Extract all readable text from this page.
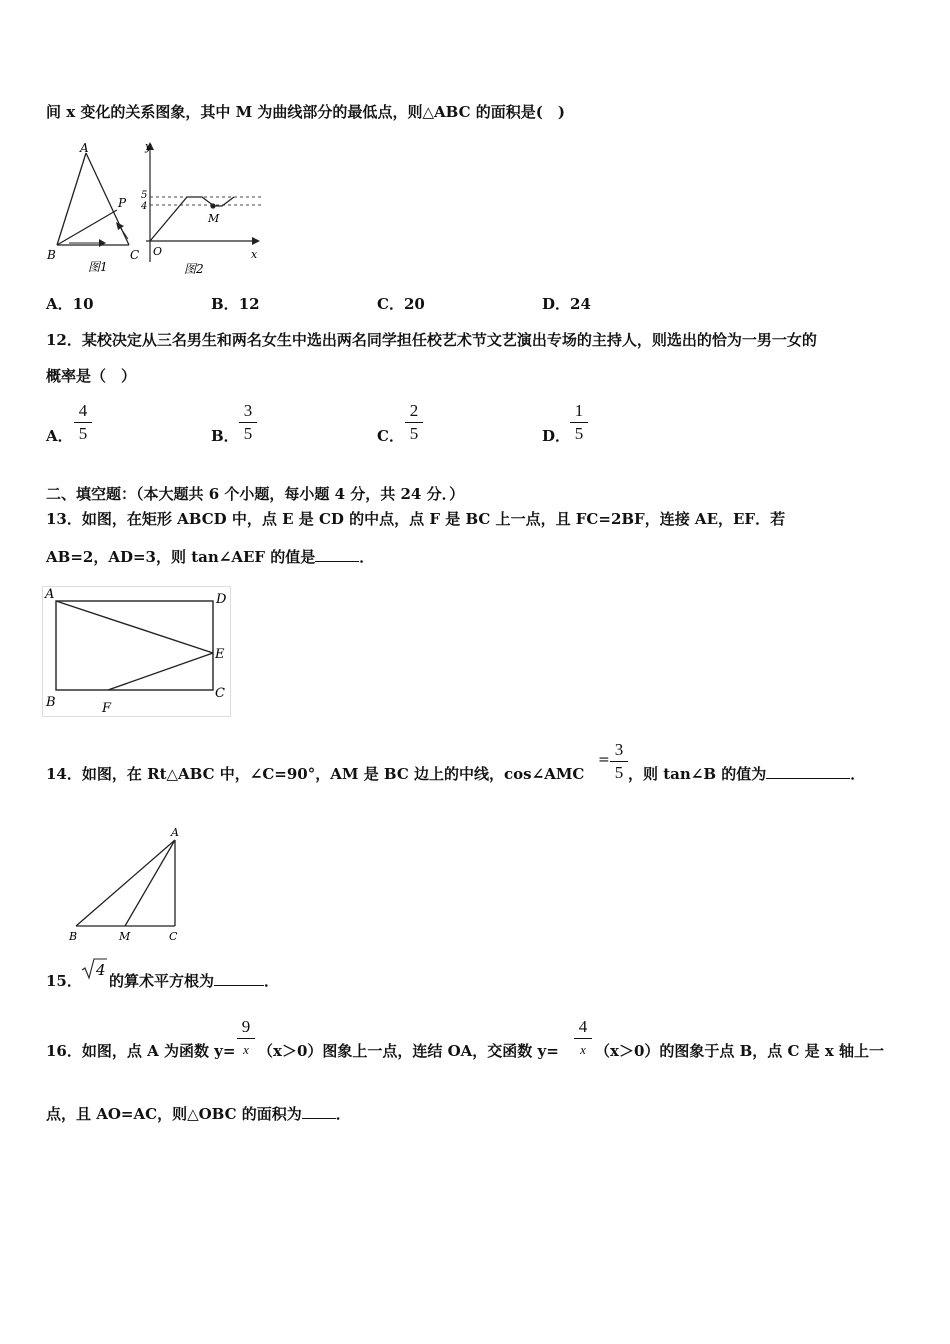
间 x 变化的关系图象，其中 M 为曲线部分的最低点，则△ABC 的面积是(　)
A
B	C
P
图1
y
x
O
M
5
4
图2
A．10	B．12	C．20	D．24
12．某校决定从三名男生和两名女生中选出两名同学担任校艺术节文艺演出专场的主持人，则选出的恰为一男一女的
概率是（　）
A．
4
5	B．
3
5	C．
2
5	D．
1
5
二、填空题：（本大题共 6 个小题，每小题 4 分，共 24 分．）
13．如图，在矩形 ABCD 中，点 E 是 CD 的中点，点 F 是 BC 上一点，且 FC=2BF，连接 AE，EF．若
AB=2，AD=3，则 tan∠AEF 的值是	．
A	D
E
B
C
F
14．如图，在 Rt△ABC 中，∠C=90°，AM 是 BC 边上的中线，cos∠AMC
=
3
5 ，则 tan∠B 的值为	．
A
B	M	C
15．
4
的算术平方根为	．
16．如图，点 A 为函数 y=
9
x （x＞0）图象上一点，连结 OA，交函数 y=
4
x （x＞0）的图象于点 B，点 C 是 x 轴上一
点，且 AO=AC，则△OBC 的面积为 ．
